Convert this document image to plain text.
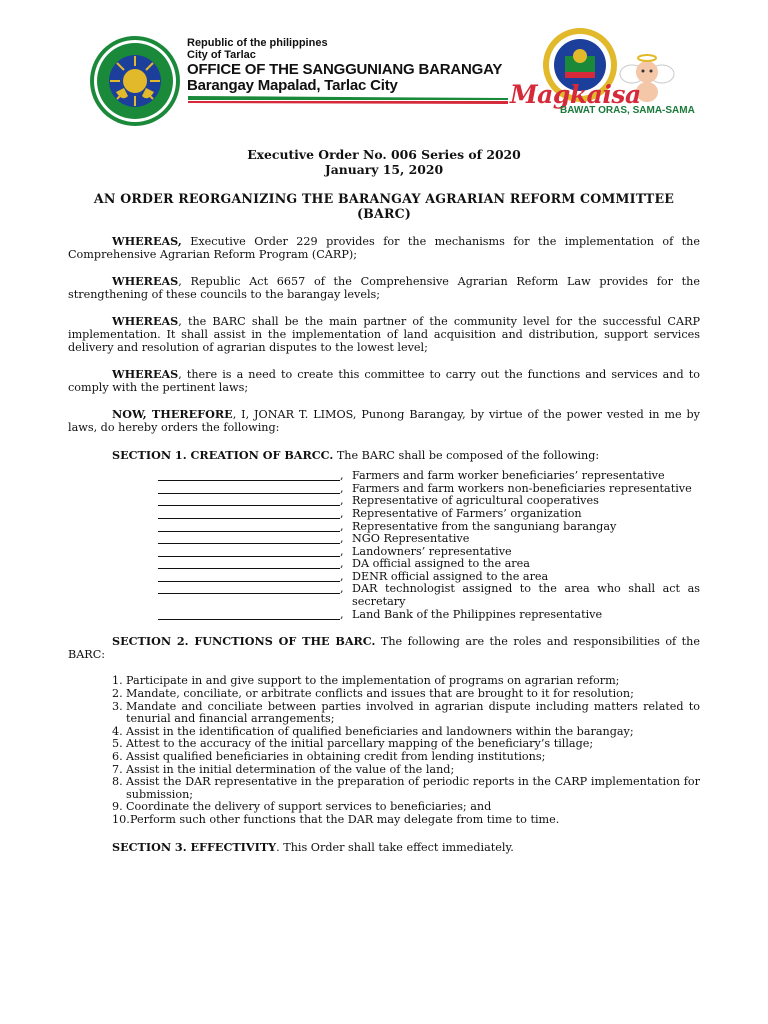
Republic of the philippines
City of Tarlac
OFFICE OF THE SANGGUNIANG BARANGAY
Barangay Mapalad, Tarlac City	Magkaisa
BAWAT ORAS, SAMA-SAMA
Executive Order No. 006 Series of 2020
January 15, 2020
AN ORDER REORGANIZING THE BARANGAY AGRARIAN REFORM COMMITTEE (BARC)

WHEREAS, Executive Order 229 provides for the mechanisms for the implementation of the Comprehensive Agrarian Reform Program (CARP);

WHEREAS, Republic Act 6657 of the Comprehensive Agrarian Reform Law provides for the strengthening of these councils to the barangay levels;

WHEREAS, the BARC shall be the main partner of the community level for the successful CARP implementation. It shall assist in the implementation of land acquisition and distribution, support services delivery and resolution of agrarian disputes to the lowest level;

WHEREAS, there is a need to create this committee to carry out the functions and services and to comply with the pertinent laws;

NOW, THEREFORE, I, JONAR T. LIMOS, Punong Barangay, by virtue of the power vested in me by laws, do hereby orders the following:

SECTION 1. CREATION OF BARCC. The BARC shall be composed of the following:
, Farmers and farm worker beneficiaries’ representative
, Farmers and farm workers non-beneficiaries representative
, Representative of agricultural cooperatives
, Representative of Farmers’ organization
, Representative from the sanguniang barangay
, NGO Representative
, Landowners’ representative
, DA official assigned to the area
, DENR official assigned to the area
, DAR technologist assigned to the area who shall act as secretary
, Land Bank of the Philippines representative
SECTION 2. FUNCTIONS OF THE BARC. The following are the roles and responsibilities of the BARC:
1. Participate in and give support to the implementation of programs on agrarian reform;
2. Mandate, conciliate, or arbitrate conflicts and issues that are brought to it for resolution;
3. Mandate and conciliate between parties involved in agrarian dispute including matters related to tenurial and financial arrangements;
4. Assist in the identification of qualified beneficiaries and landowners within the barangay;
5. Attest to the accuracy of the initial parcellary mapping of the beneficiary’s tillage;
6. Assist qualified beneficiaries in obtaining credit from lending institutions;
7. Assist in the initial determination of the value of the land;
8. Assist the DAR representative in the preparation of periodic reports in the CARP implementation for submission;
9. Coordinate the delivery of support services to beneficiaries; and
10. Perform such other functions that the DAR may delegate from time to time.
SECTION 3. EFFECTIVITY. This Order shall take effect immediately.
